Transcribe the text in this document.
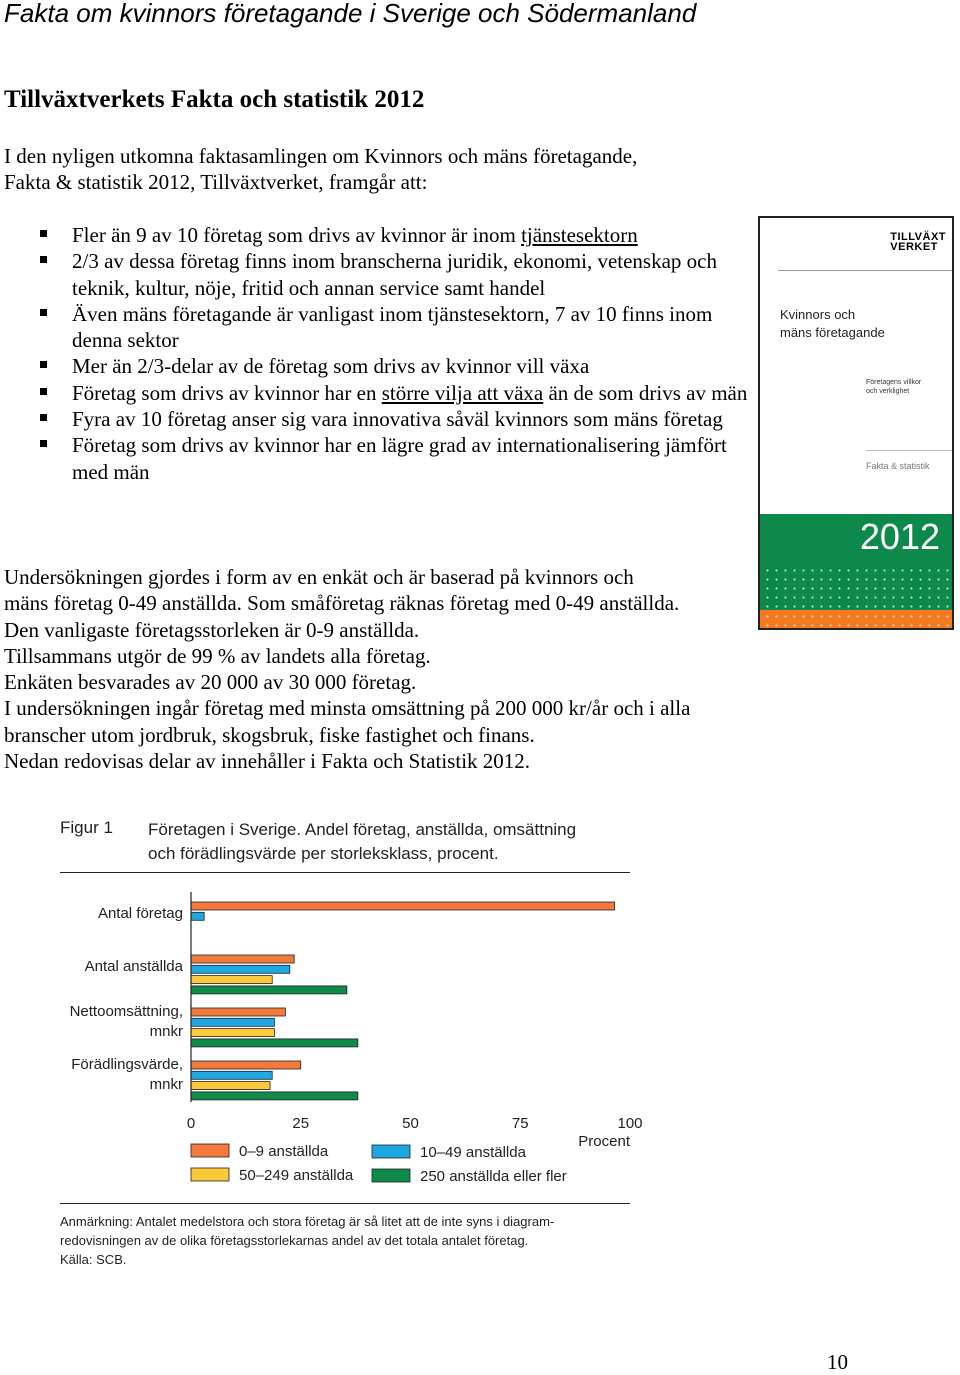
Fakta om kvinnors företagande i Sverige och Södermanland
Tillväxtverkets Fakta och statistik 2012
I den nyligen utkomna faktasamlingen om Kvinnors och mäns företagande,
Fakta & statistik 2012, Tillväxtverket, framgår att:
Fler än 9 av 10 företag som drivs av kvinnor är inom tjänstesektorn
2/3 av dessa företag finns inom branscherna juridik, ekonomi, vetenskap och teknik, kultur, nöje, fritid och annan service samt handel
Även mäns företagande är vanligast inom tjänstesektorn, 7 av 10 finns inom denna sektor
Mer än 2/3-delar av de företag som drivs av kvinnor vill växa
Företag som drivs av kvinnor har en större vilja att växa än de som drivs av män
Fyra av 10 företag anser sig vara innovativa såväl kvinnors som mäns företag
Företag som drivs av kvinnor har en lägre grad av internationalisering jämfört med män
Undersökningen gjordes i form av en enkät och är baserad på kvinnors och
mäns företag 0-49 anställda. Som småföretag räknas företag med 0-49 anställda.
Den vanligaste företagsstorleken är 0-9 anställda.
Tillsammans utgör de 99 % av landets alla företag.
Enkäten besvarades av 20 000 av 30 000 företag.
I undersökningen ingår företag med minsta omsättning på 200 000 kr/år och i alla
branscher utom jordbruk, skogsbruk, fiske fastighet och finans.
Nedan redovisas delar av innehåller i Fakta och Statistik 2012.
TILLVÄXT
VERKET
Kvinnors och
mäns företagande
Företagens villkor
och verklighet
Fakta & statistik
2012
Figur 1 Företagen i Sverige. Andel företag, anställda, omsättning
och förädlingsvärde per storleksklass, procent.
Antal företag
Antal anställda
Nettoomsättning,
mnkr
Förädlingsvärde,
mnkr
0	25	50	75	100
Procent
0–9 anställda	10–49 anställda
50–249 anställda	250 anställda eller fler
Anmärkning: Antalet medelstora och stora företag är så litet att de inte syns i diagram-
redovisningen av de olika företagsstorlekarnas andel av det totala antalet företag.
Källa: SCB.
10
